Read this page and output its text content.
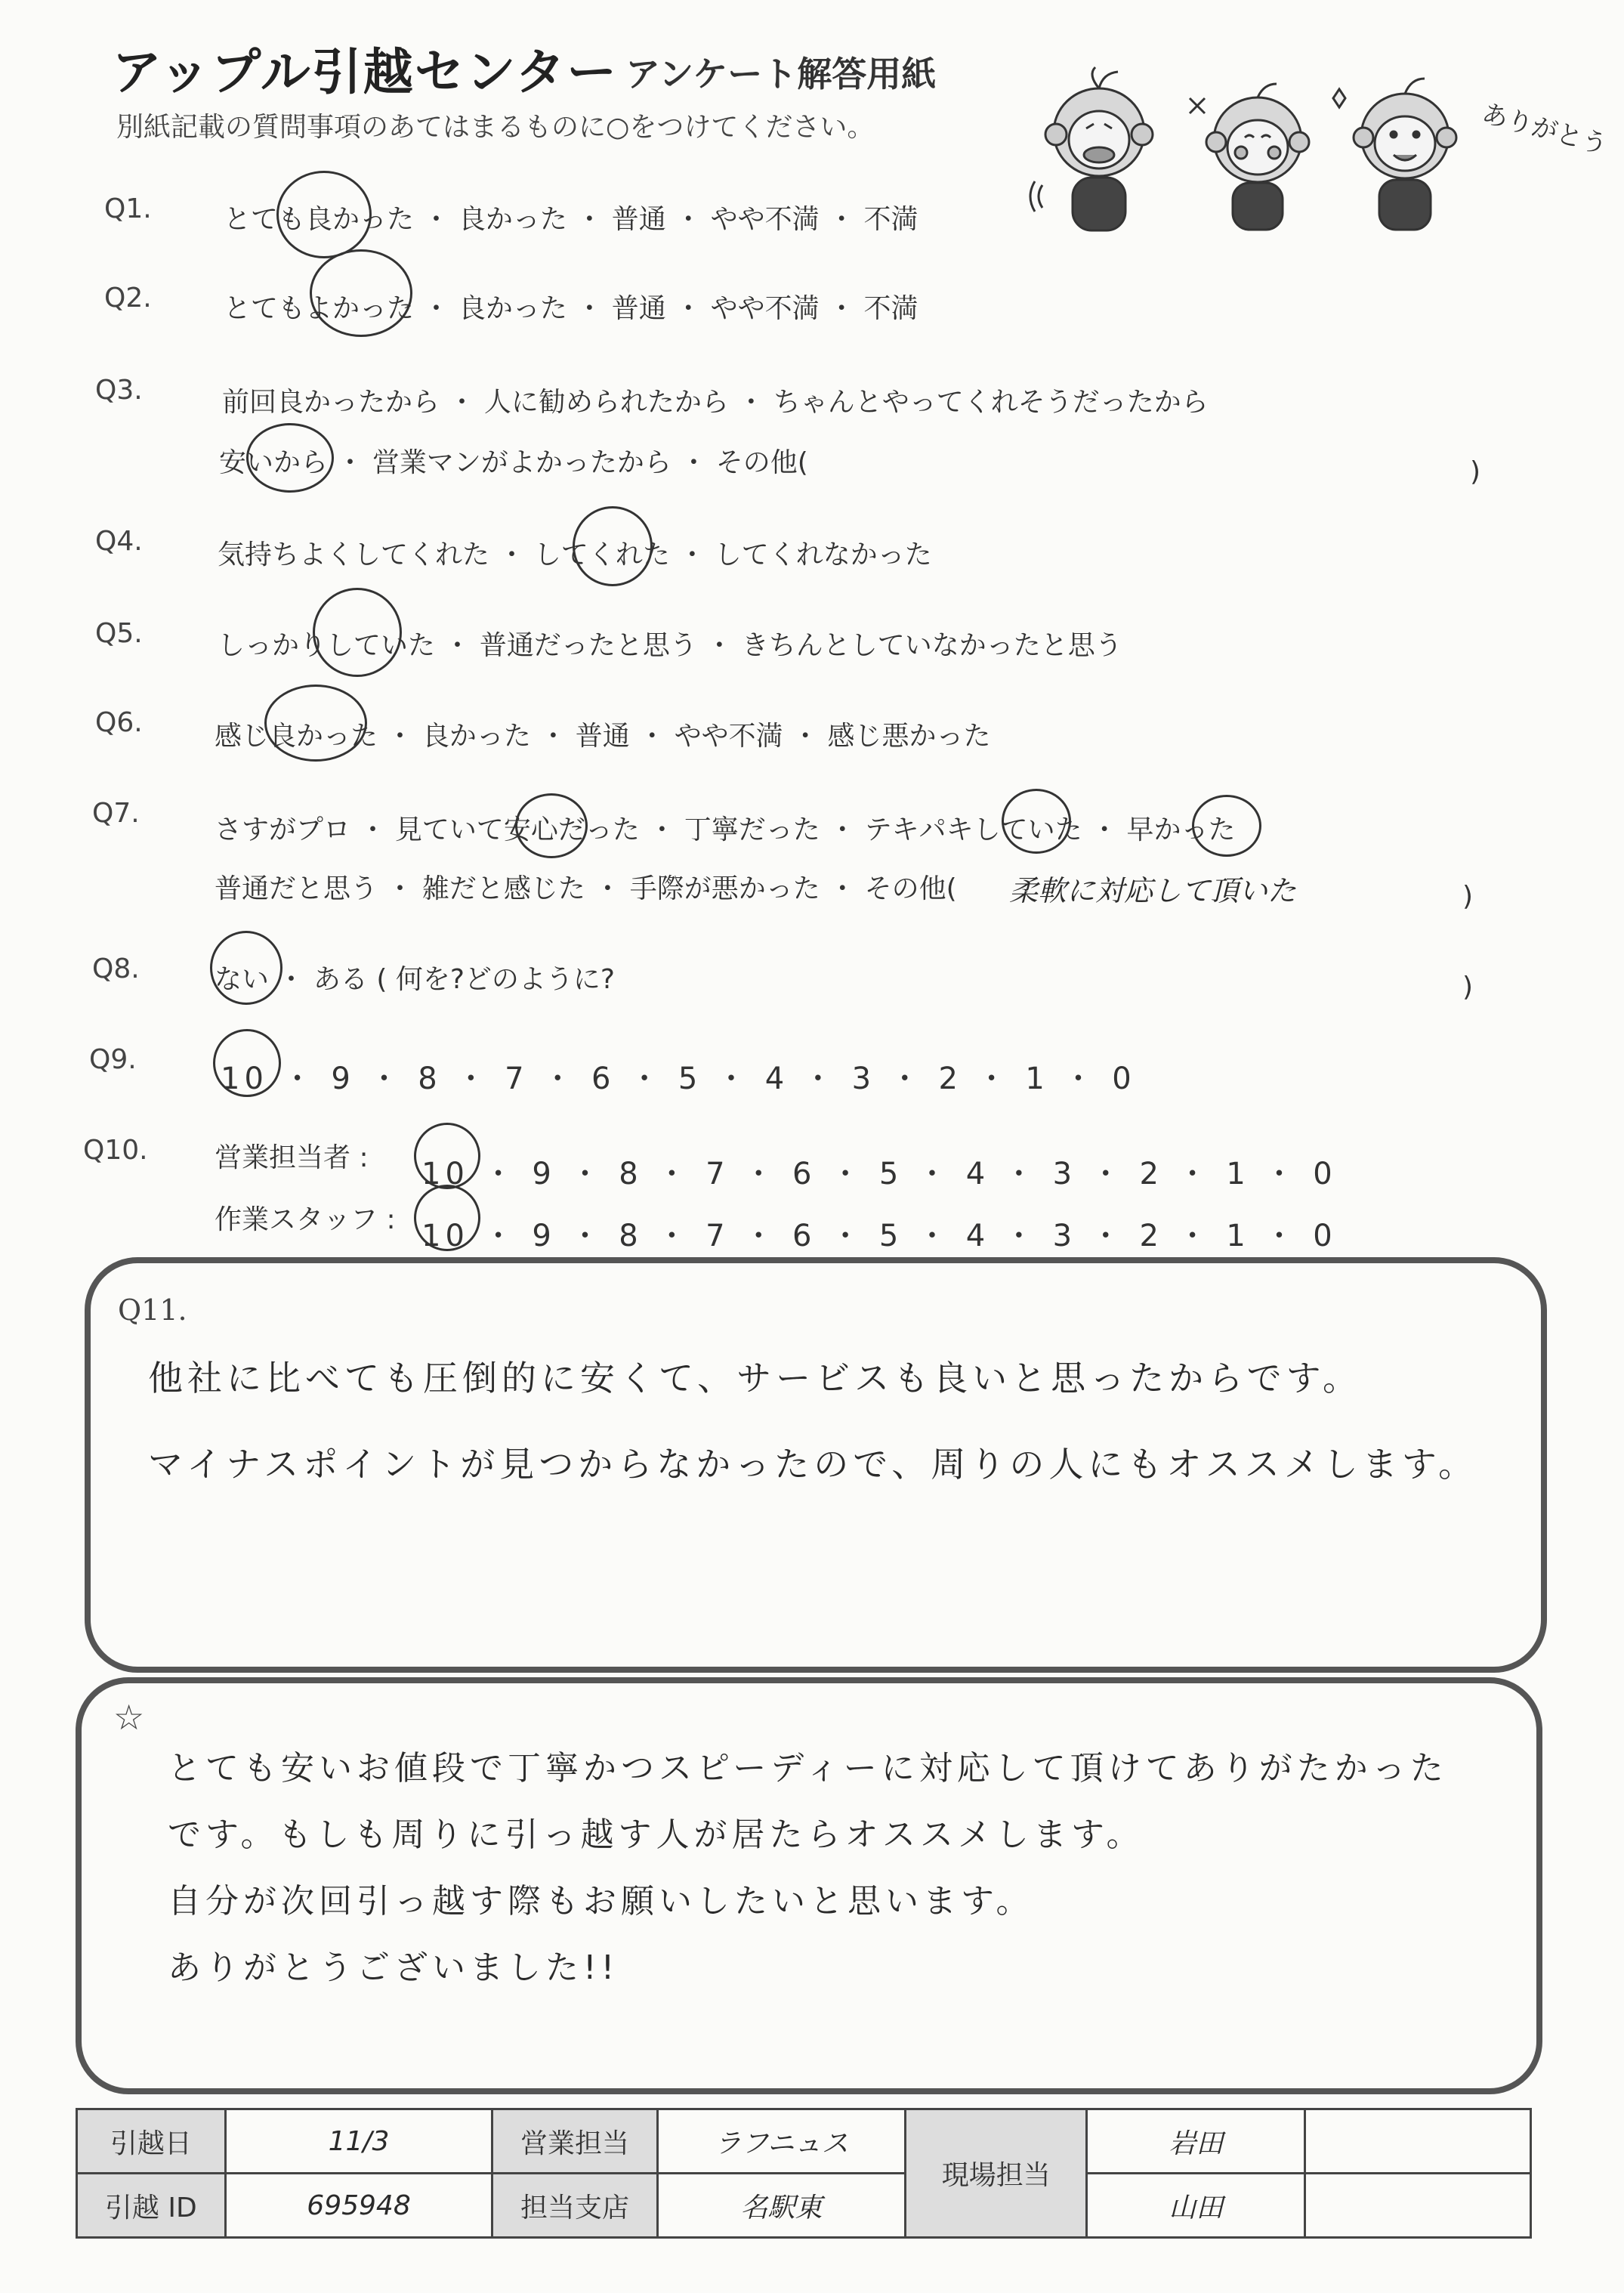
アップル引越センター アンケート解答用紙
別紙記載の質問事項のあてはまるものに○をつけてください。	ありがとう
Q1.	とても良かった ・ 良かった ・ 普通 ・ やや不満 ・ 不満
Q2.	とてもよかった ・ 良かった ・ 普通 ・ やや不満 ・ 不満
Q3.	前回良かったから ・ 人に勧められたから ・ ちゃんとやってくれそうだったから
安いから ・ 営業マンがよかったから ・ その他(	)
Q4.	気持ちよくしてくれた ・ してくれた ・ してくれなかった
Q5.	しっかりしていた ・ 普通だったと思う ・ きちんとしていなかったと思う
Q6.	感じ良かった ・ 良かった ・ 普通 ・ やや不満 ・ 感じ悪かった
Q7.
さすがプロ ・ 見ていて安心だった ・ 丁寧だった ・ テキパキしていた ・ 早かった
普通だと思う ・ 雑だと感じた ・ 手際が悪かった ・ その他( 柔軟に対応して頂いた	)
Q8.	ない ・ ある ( 何を?どのように?	)
Q9.
10 ・ 9 ・ 8 ・ 7 ・ 6 ・ 5 ・ 4 ・ 3 ・ 2 ・ 1 ・ 0
Q10. 営業担当者 : 10 ・ 9 ・ 8 ・ 7 ・ 6 ・ 5 ・ 4 ・ 3 ・ 2 ・ 1 ・ 0
作業スタッフ : 10 ・ 9 ・ 8 ・ 7 ・ 6 ・ 5 ・ 4 ・ 3 ・ 2 ・ 1 ・ 0
Q11.
他社に比べても圧倒的に安くて、サービスも良いと思ったからです。
マイナスポイントが見つからなかったので、周りの人にもオススメします。
☆
とても安いお値段で丁寧かつスピーディーに対応して頂けてありがたかった
です。もしも周りに引っ越す人が居たらオススメします。
自分が次回引っ越す際もお願いしたいと思います。
ありがとうございました!!
引越日	11/3	営業担当	ラフニュス	現場担当	岩田	
引越 ID	695948	担当支店	名駅東		山田	
